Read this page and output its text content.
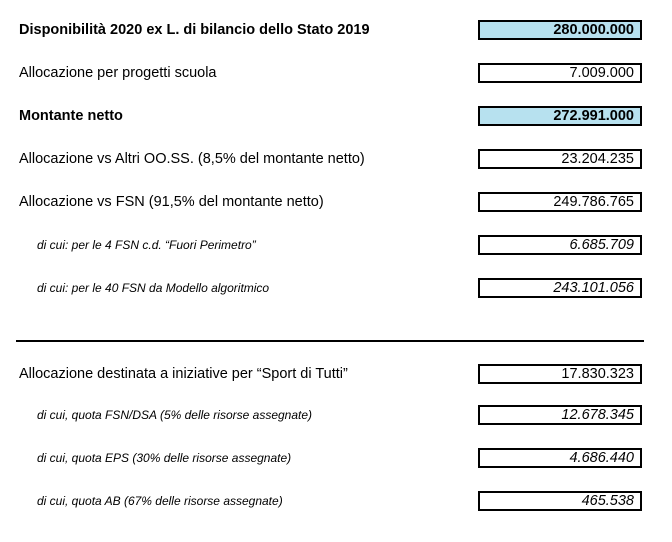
Disponibilità 2020 ex L. di bilancio dello Stato 2019	280.000.000
Allocazione per progetti scuola	7.009.000
Montante netto	272.991.000
Allocazione vs Altri OO.SS. (8,5% del montante netto)	23.204.235
Allocazione vs FSN (91,5% del montante netto)	249.786.765
di cui: per le 4 FSN c.d. “Fuori Perimetro”	6.685.709
di cui: per le 40 FSN da Modello algoritmico	243.101.056
Allocazione destinata a iniziative per “Sport di Tutti”	17.830.323
di cui, quota FSN/DSA (5% delle risorse assegnate)	12.678.345
di cui, quota EPS (30% delle risorse assegnate)	4.686.440
di cui, quota AB (67% delle risorse assegnate)	465.538
